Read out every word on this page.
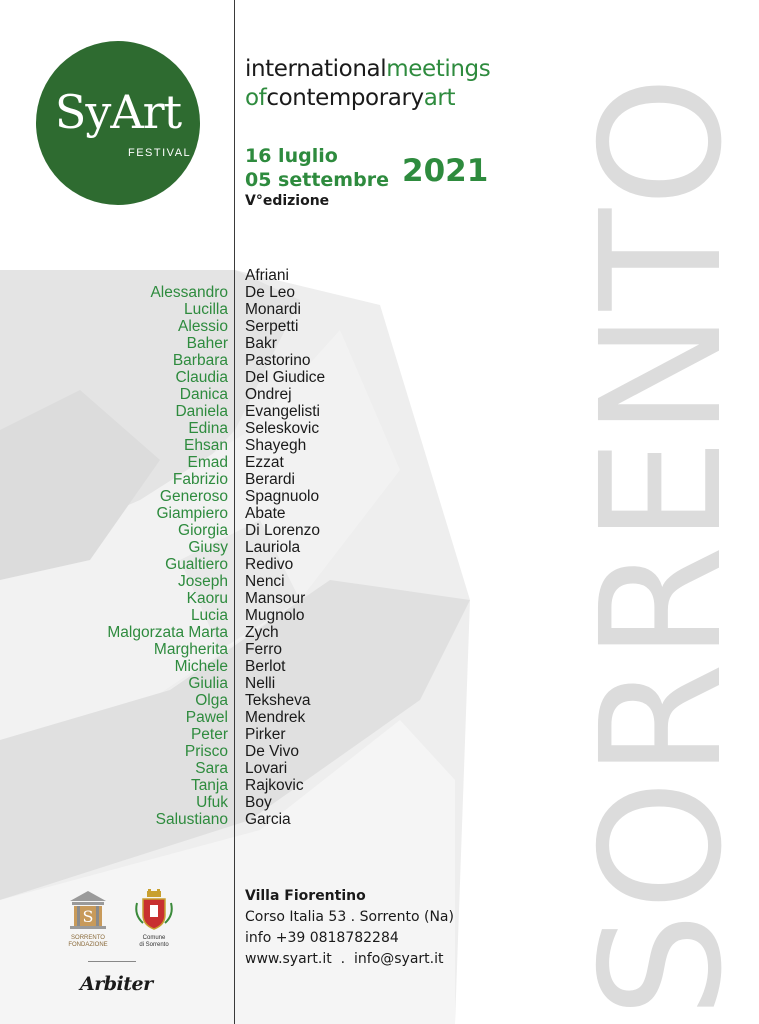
SORRENTO
SyArt
FESTIVAL
internationalmeetings
ofcontemporaryart
16 luglio
05 settembre 2021
V°edizione
Afriani
Alessandro De Leo
Lucilla Monardi
Alessio Serpetti
Baher Bakr
Barbara Pastorino
Claudia Del Giudice
Danica Ondrej
Daniela Evangelisti
Edina Seleskovic
Ehsan Shayegh
Emad Ezzat
Fabrizio Berardi
Generoso Spagnuolo
Giampiero Abate
Giorgia Di Lorenzo
Giusy Lauriola
Gualtiero Redivo
Joseph Nenci
Kaoru Mansour
Lucia Mugnolo
Malgorzata Marta Zych
Margherita Ferro
Michele Berlot
Giulia Nelli
Olga Teksheva
Pawel Mendrek
Peter Pirker
Prisco De Vivo
Sara Lovari
Tanja Rajkovic
Ufuk Boy
Salustiano Garcia
S
SORRENTO
FONDAZIONE
Comune
di Sorrento
Arbiter
Villa Fiorentino
Corso Italia 53 . Sorrento (Na)
info +39 0818782284
www.syart.it  .  info@syart.it
